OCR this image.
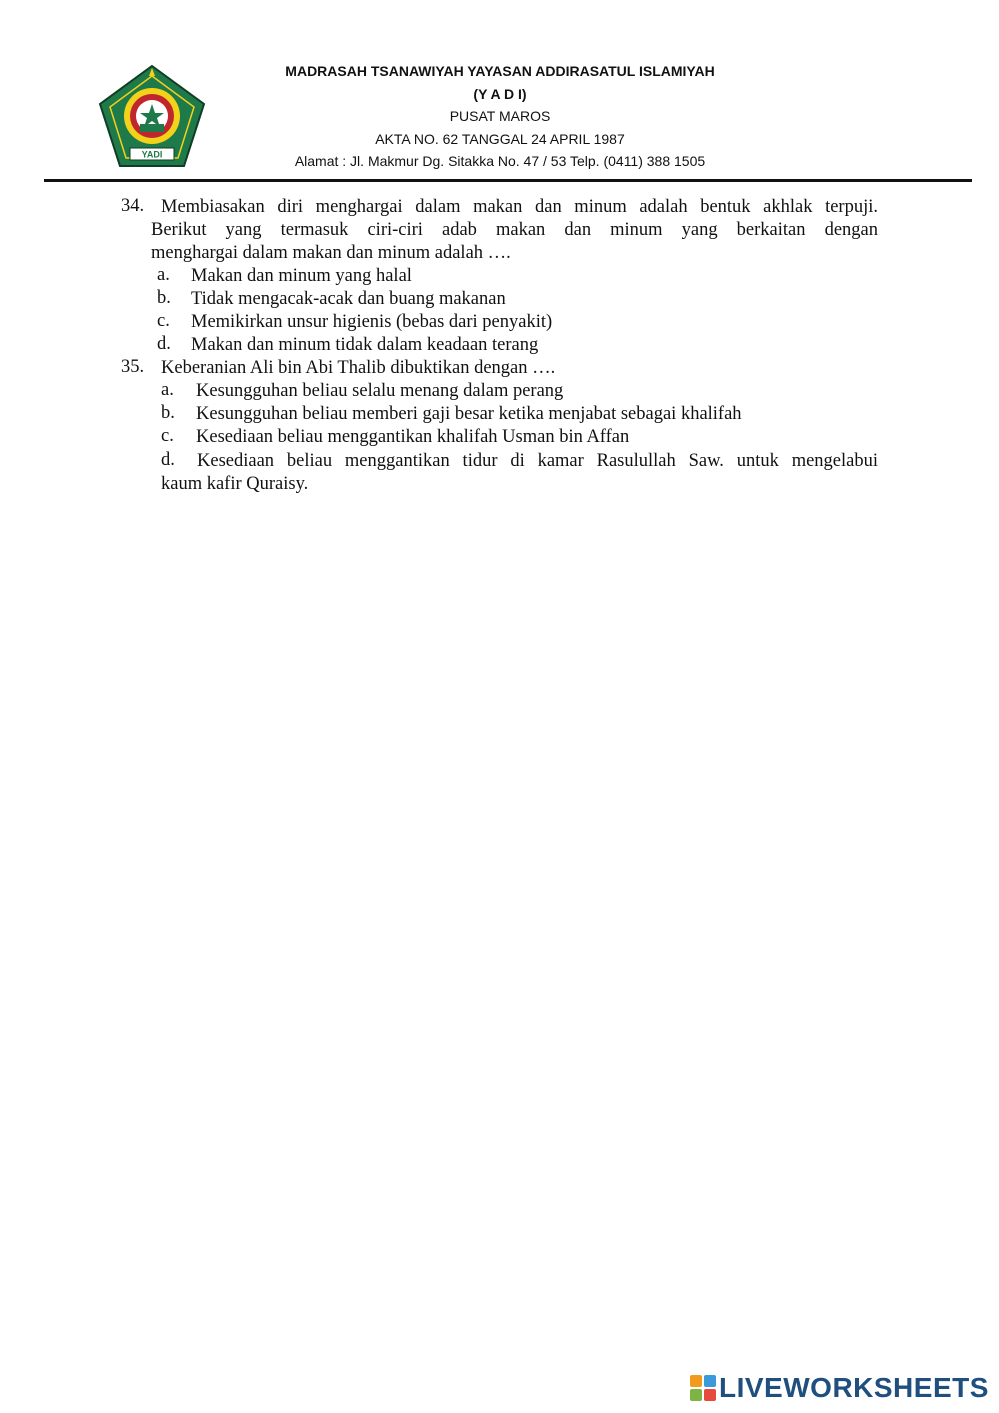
YADI
MADRASAH TSANAWIYAH YAYASAN ADDIRASATUL ISLAMIYAH
(Y A D I)
PUSAT MAROS
AKTA NO. 62 TANGGAL 24 APRIL 1987
Alamat : Jl. Makmur Dg. Sitakka No. 47 / 53 Telp. (0411) 388 1505
34. Membiasakan diri menghargai dalam makan dan minum adalah bentuk akhlak terpuji.
Berikut yang termasuk ciri-ciri adab makan dan minum yang berkaitan dengan
menghargai dalam makan dan minum adalah ….
a. Makan dan minum yang halal
b. Tidak mengacak-acak dan buang makanan
c. Memikirkan unsur higienis (bebas dari penyakit)
d. Makan dan minum tidak dalam keadaan terang
35. Keberanian Ali bin Abi Thalib dibuktikan dengan ….
a. Kesungguhan beliau selalu menang dalam perang
b. Kesungguhan beliau memberi gaji besar ketika menjabat sebagai khalifah
c. Kesediaan beliau menggantikan khalifah Usman bin Affan
d. Kesediaan beliau menggantikan tidur di kamar Rasulullah Saw. untuk mengelabui
kaum kafir Quraisy.
LIVEWORKSHEETS
